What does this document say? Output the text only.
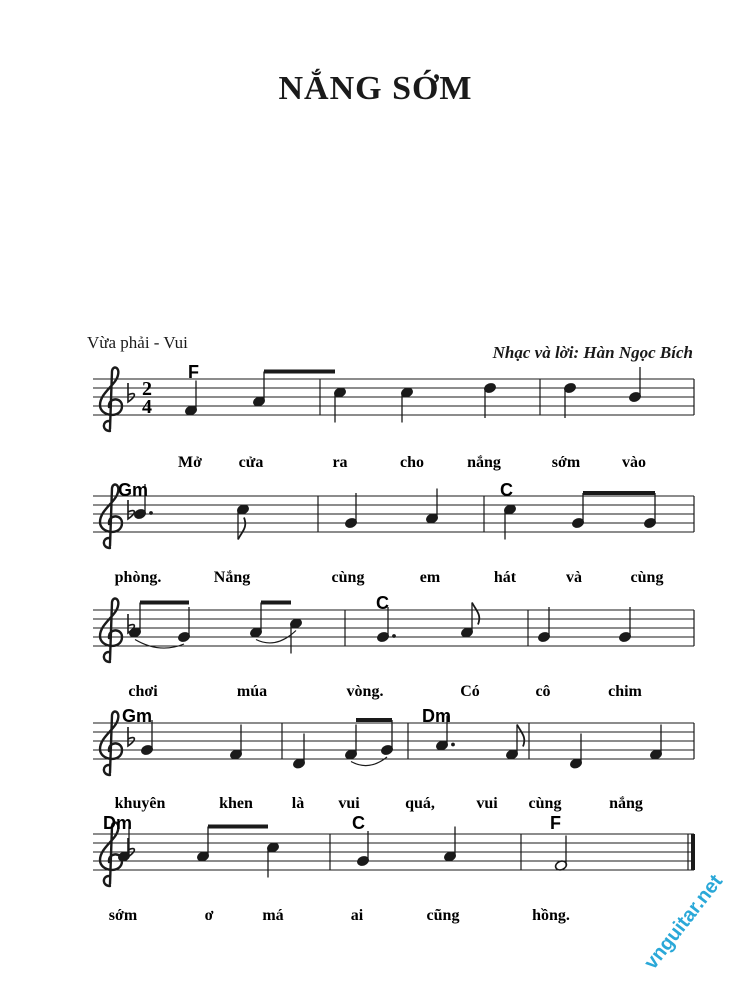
NẮNG SỚM
Vừa phải - Vui
Nhạc và lời: Hàn Ngọc Bích
vnguitar.net
2
4
F
Mở cửa	ra	cho	nắng	sớm	vào
Gm	C
phòng.	Nắng	cùng	em	hát	và	cùng
C
chơi	múa	vòng.	Có	cô	chim
Gm	Dm
khuyên	khen là vui	quá,	vui cùng	nắng
Dm	C	F
sớm	ơ	má	ai	cũng	hồng.
